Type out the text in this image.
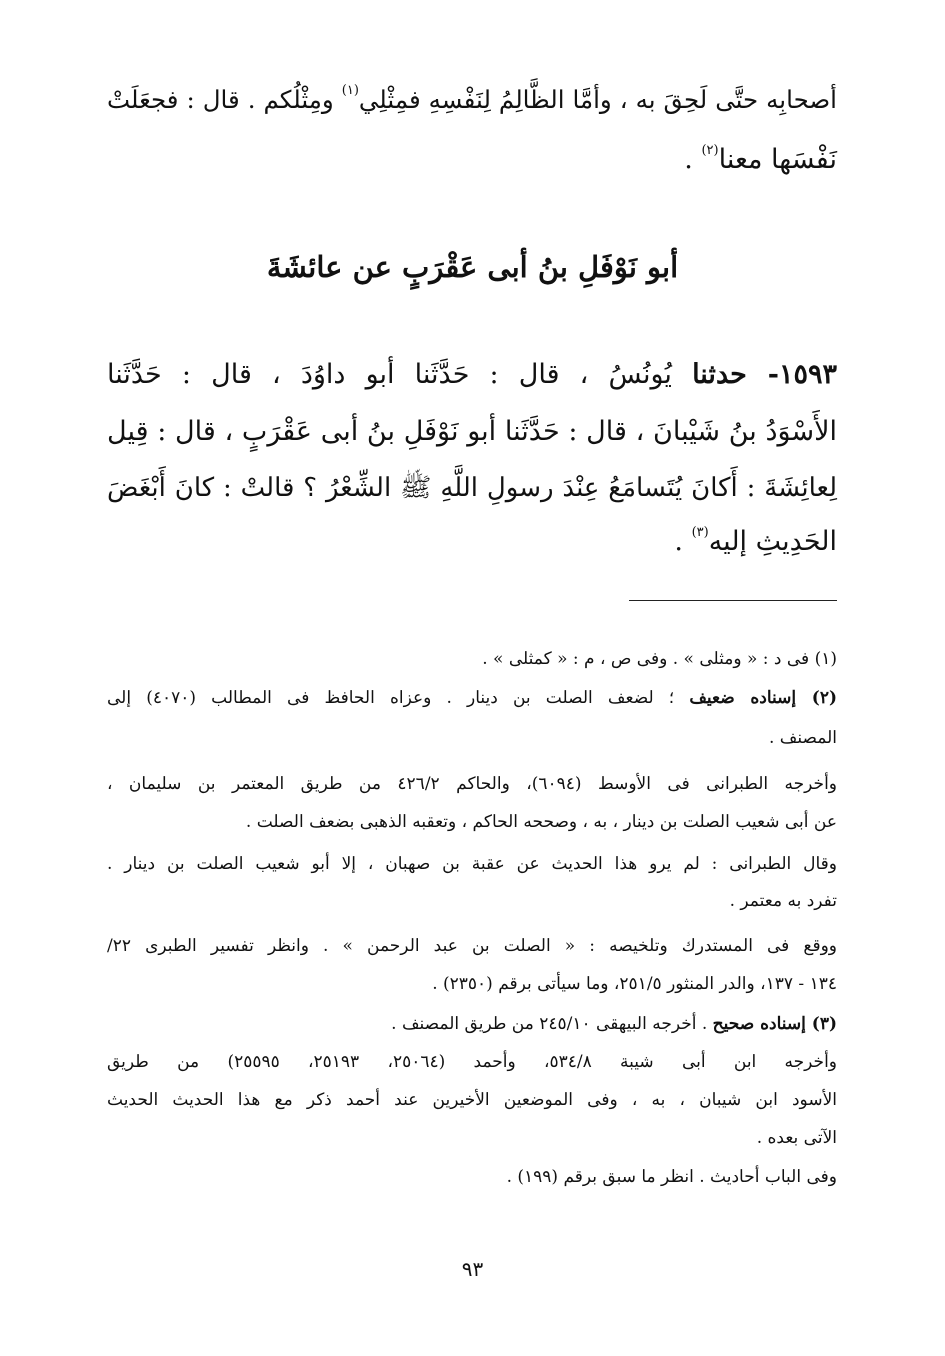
أصحابِه حتَّى لَحِقَ به ، وأمَّا الظَّالِمُ لِنَفْسِهِ فمِثْلِي$^{(١)}$ ومِثْلُكم . قال : فجعَلَتْ
نَفْسَها معنا$^{(٢)}$ .
أبو نَوْفَلِ بنُ أبى عَقْرَبٍ عن عائشَةَ
١٥٩٣- حدثنا يُونُسُ ، قال : حَدَّثَنا أبو داوُدَ ، قال : حَدَّثَنا
الأَسْوَدُ بنُ شَيْبانَ ، قال : حَدَّثَنا أبو نَوْفَلِ بنُ أبى عَقْرَبٍ ، قال : قِيل
لِعائِشَةَ : أَكانَ يُتَسامَعُ عِنْدَ رسولِ اللَّهِ ﷺ الشِّعْرُ ؟ قالتْ : كانَ أَبْغَضَ
الحَدِيثِ إليه$^{(٣)}$ .
(١) فى د : « ومثلى » . وفى ص ، م : « كمثلى » .
(٢) إسناده ضعيف ؛ لضعف الصلت بن دينار . وعزاه الحافظ فى المطالب (٤٠٧٠) إلى
المصنف .
وأخرجه الطبرانى فى الأوسط (٦٠٩٤)، والحاكم ٤٢٦/٢ من طريق المعتمر بن سليمان ،
عن أبى شعيب الصلت بن دينار ، به ، وصححه الحاكم ، وتعقبه الذهبى بضعف الصلت .
وقال الطبرانى : لم يرو هذا الحديث عن عقبة بن صهبان ، إلا أبو شعيب الصلت بن دينار .
تفرد به معتمر .
ووقع فى المستدرك وتلخيصه : « الصلت بن عبد الرحمن » . وانظر تفسير الطبرى ٢٢/
١٣٤ - ١٣٧، والدر المنثور ٢٥١/٥، وما سيأتى برقم (٢٣٥٠) .
(٣) إسناده صحيح . أخرجه البيهقى ٢٤٥/١٠ من طريق المصنف .
وأخرجه ابن أبى شيبة ٥٣٤/٨، وأحمد (٢٥٠٦٤، ٢٥١٩٣، ٢٥٥٩٥) من طريق
الأسود ابن شيبان ، به ، وفى الموضعين الأخيرين عند أحمد ذكر مع هذا الحديث الحديث
الآتى بعده .
وفى الباب أحاديث . انظر ما سبق برقم (١٩٩) .
٩٣
